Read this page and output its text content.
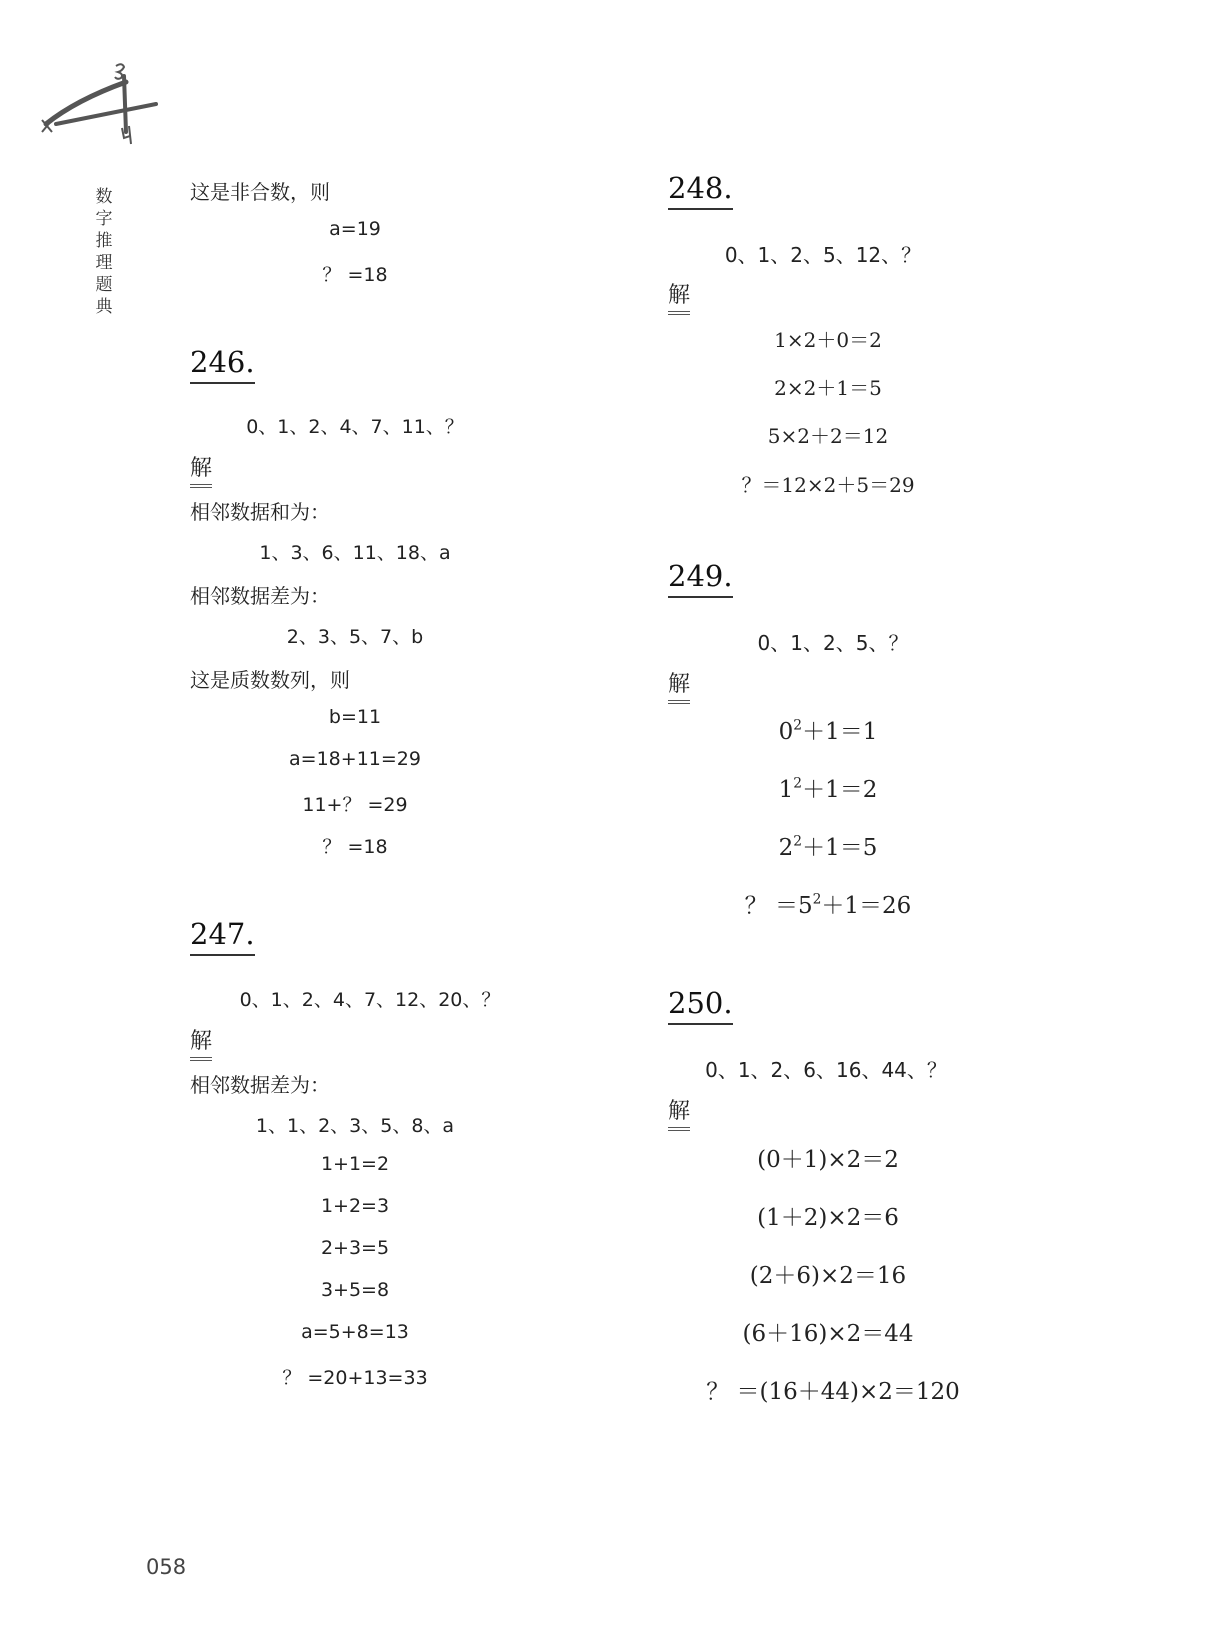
数
字
推
理
题
典
这是非合数，则
a=19
？ =18
246.
0、1、2、4、7、11、？
解
相邻数据和为：
1、3、6、11、18、a
相邻数据差为：
2、3、5、7、b
这是质数数列，则
b=11
a=18+11=29
11+？ =29
？ =18
247.
0、1、2、4、7、12、20、？
解
相邻数据差为：
1、1、2、3、5、8、a
1+1=2
1+2=3
2+3=5
3+5=8
a=5+8=13
？ =20+13=33
248.
0、1、2、5、12、？
解
1×2＋0＝2
2×2＋1＝5
5×2＋2＝12
？＝12×2＋5＝29
249.
0、1、2、5、？
解
$0^2+1=1$
$1^2+1=2$
$2^2+1=5$
？ $=5^2+1=26$
250.
0、1、2、6、16、44、？
解
(0＋1)×2＝2
(1＋2)×2＝6
(2＋6)×2＝16
(6＋16)×2＝44
？ ＝(16＋44)×2＝120
058
